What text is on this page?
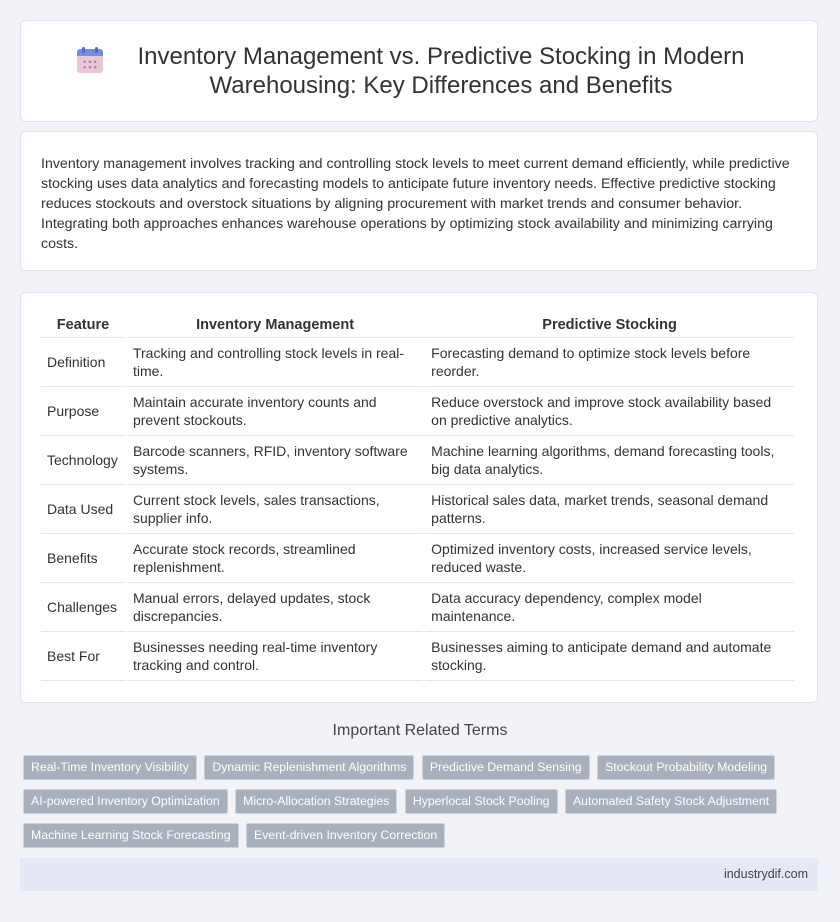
Inventory Management vs. Predictive Stocking in Modern Warehousing: Key Differences and Benefits

Inventory management involves tracking and controlling stock levels to meet current demand efficiently, while predictive stocking uses data analytics and forecasting models to anticipate future inventory needs. Effective predictive stocking reduces stockouts and overstock situations by aligning procurement with market trends and consumer behavior. Integrating both approaches enhances warehouse operations by optimizing stock availability and minimizing carrying costs.

Feature	Inventory Management	Predictive Stocking
Definition	Tracking and controlling stock levels in real-time.	Forecasting demand to optimize stock levels before reorder.
Purpose	Maintain accurate inventory counts and prevent stockouts.	Reduce overstock and improve stock availability based on predictive analytics.
Technology	Barcode scanners, RFID, inventory software systems.	Machine learning algorithms, demand forecasting tools, big data analytics.
Data Used	Current stock levels, sales transactions, supplier info.	Historical sales data, market trends, seasonal demand patterns.
Benefits	Accurate stock records, streamlined replenishment.	Optimized inventory costs, increased service levels, reduced waste.
Challenges	Manual errors, delayed updates, stock discrepancies.	Data accuracy dependency, complex model maintenance.
Best For	Businesses needing real-time inventory tracking and control.	Businesses aiming to anticipate demand and automate stocking.
Important Related Terms
Real-Time Inventory Visibility Dynamic Replenishment Algorithms Predictive Demand Sensing Stockout Probability Modeling AI-powered Inventory Optimization Micro-Allocation Strategies Hyperlocal Stock Pooling Automated Safety Stock Adjustment Machine Learning Stock Forecasting Event-driven Inventory Correction
industrydif.com
